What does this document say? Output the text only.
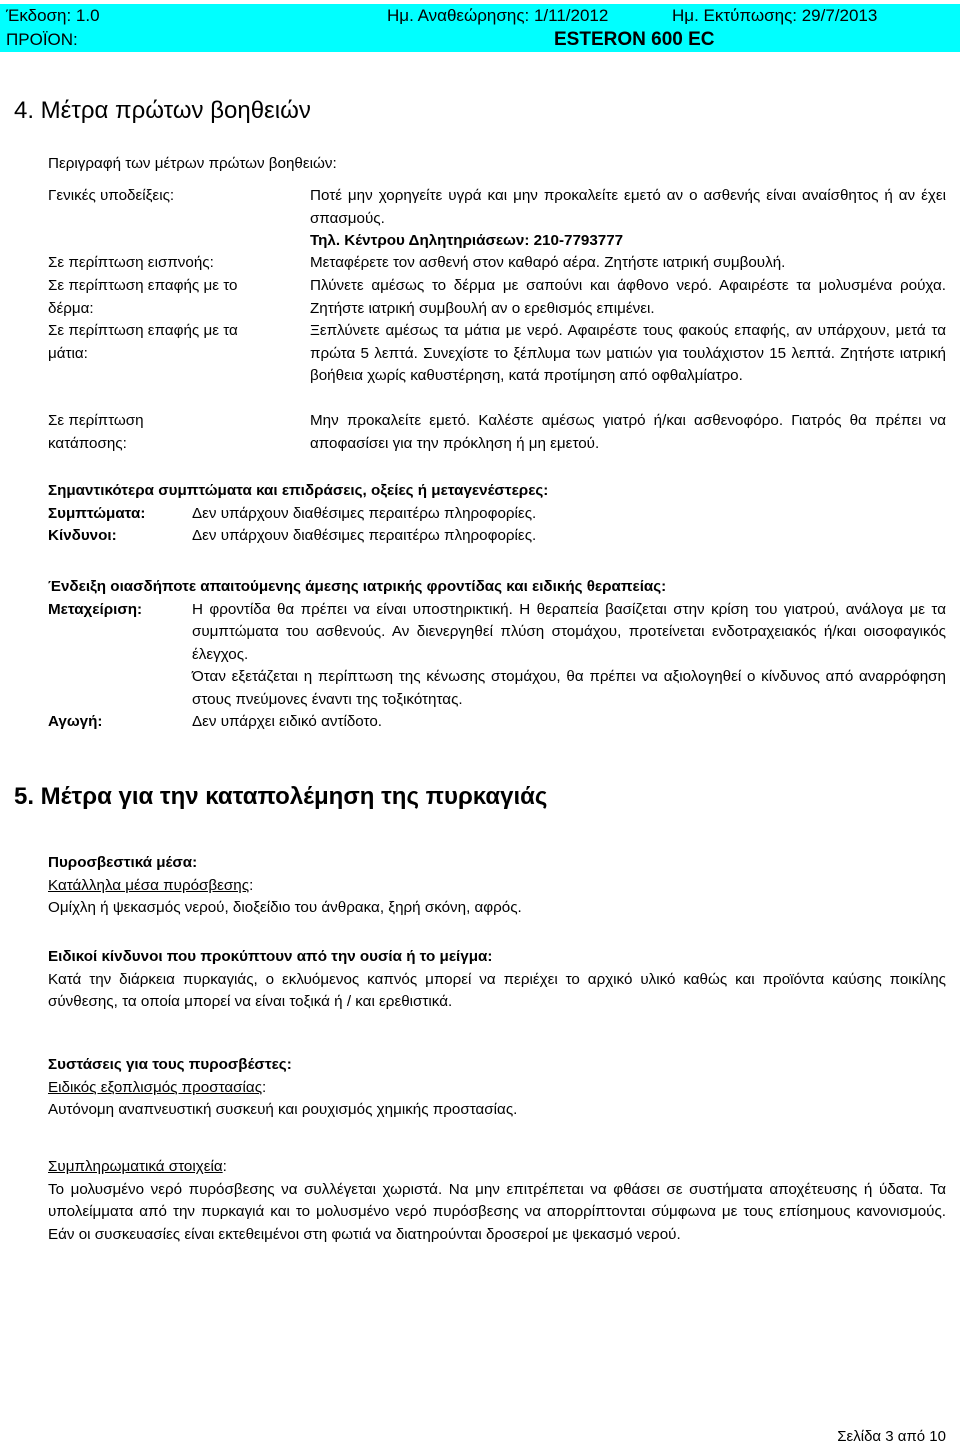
Έκδοση: 1.0	Ημ. Αναθεώρησης: 1/11/2012	Ημ. Εκτύπωσης: 29/7/2013
ΠΡΟΪΟΝ:	ESTERON 600 EC
4. Μέτρα πρώτων βοηθειών

Περιγραφή των μέτρων πρώτων βοηθειών:

Γενικές υποδείξεις:	Ποτέ μην χορηγείτε υγρά και μην προκαλείτε εμετό αν ο ασθενής είναι αναίσθητος ή αν έχει σπασμούς.

Τηλ. Κέντρου Δηλητηριάσεων: 210-7793777

Σε περίπτωση εισπνοής:	Μεταφέρετε τον ασθενή στον καθαρό αέρα. Ζητήστε ιατρική συμβουλή.
Σε περίπτωση επαφής με το δέρμα:
Πλύνετε αμέσως το δέρμα με σαπούνι και άφθονο νερό. Αφαιρέστε τα μολυσμένα ρούχα. Ζητήστε ιατρική συμβουλή αν ο ερεθισμός επιμένει.
Σε περίπτωση επαφής με τα μάτια:
Ξεπλύνετε αμέσως τα μάτια με νερό. Αφαιρέστε τους φακούς επαφής, αν υπάρχουν, μετά τα πρώτα 5 λεπτά. Συνεχίστε το ξέπλυμα των ματιών για τουλάχιστον 15 λεπτά. Ζητήστε ιατρική βοήθεια χωρίς καθυστέρηση, κατά προτίμηση από οφθαλμίατρο.
Σε περίπτωση κατάποσης:
Μην προκαλείτε εμετό. Καλέστε αμέσως γιατρό ή/και ασθενοφόρο. Γιατρός θα πρέπει να αποφασίσει για την πρόκληση ή μη εμετού.

Σημαντικότερα συμπτώματα και επιδράσεις, οξείες ή μεταγενέστερες:

Συμπτώματα:	Δεν υπάρχουν διαθέσιμες περαιτέρω πληροφορίες.
Κίνδυνοι:	Δεν υπάρχουν διαθέσιμες περαιτέρω πληροφορίες.

Ένδειξη οιασδήποτε απαιτούμενης άμεσης ιατρικής φροντίδας και ειδικής θεραπείας:

Μεταχείριση:	Η φροντίδα θα πρέπει να είναι υποστηρικτική. Η θεραπεία βασίζεται στην κρίση του γιατρού, ανάλογα με τα συμπτώματα του ασθενούς. Αν διενεργηθεί πλύση στομάχου, προτείνεται ενδοτραχειακός ή/και οισοφαγικός έλεγχος.

Όταν εξετάζεται η περίπτωση της κένωσης στομάχου, θα πρέπει να αξιολογηθεί ο κίνδυνος από αναρρόφηση στους πνεύμονες έναντι της τοξικότητας.

Αγωγή:	Δεν υπάρχει ειδικό αντίδοτο.
5. Μέτρα για την καταπολέμηση της πυρκαγιάς

Πυροσβεστικά μέσα:

Κατάλληλα μέσα πυρόσβεσης:

Ομίχλη ή ψεκασμός νερού, διοξείδιο του άνθρακα, ξηρή σκόνη, αφρός.

Ειδικοί κίνδυνοι που προκύπτουν από την ουσία ή το μείγμα:

Κατά την διάρκεια πυρκαγιάς, ο εκλυόμενος καπνός μπορεί να περιέχει το αρχικό υλικό καθώς και προϊόντα καύσης ποικίλης σύνθεσης, τα οποία μπορεί να είναι τοξικά ή / και ερεθιστικά.

Συστάσεις για τους πυροσβέστες:

Ειδικός εξοπλισμός προστασίας:

Αυτόνομη αναπνευστική συσκευή και ρουχισμός χημικής προστασίας.

Συμπληρωματικά στοιχεία:

Το μολυσμένο νερό πυρόσβεσης να συλλέγεται χωριστά. Να μην επιτρέπεται να φθάσει σε συστήματα αποχέτευσης ή ύδατα. Τα υπολείμματα από την πυρκαγιά και το μολυσμένο νερό πυρόσβεσης να απορρίπτονται σύμφωνα με τους επίσημους κανονισμούς. Εάν οι συσκευασίες είναι εκτεθειμένοι στη φωτιά να διατηρούνται δροσεροί με ψεκασμό νερού.

Σελίδα 3 από 10
